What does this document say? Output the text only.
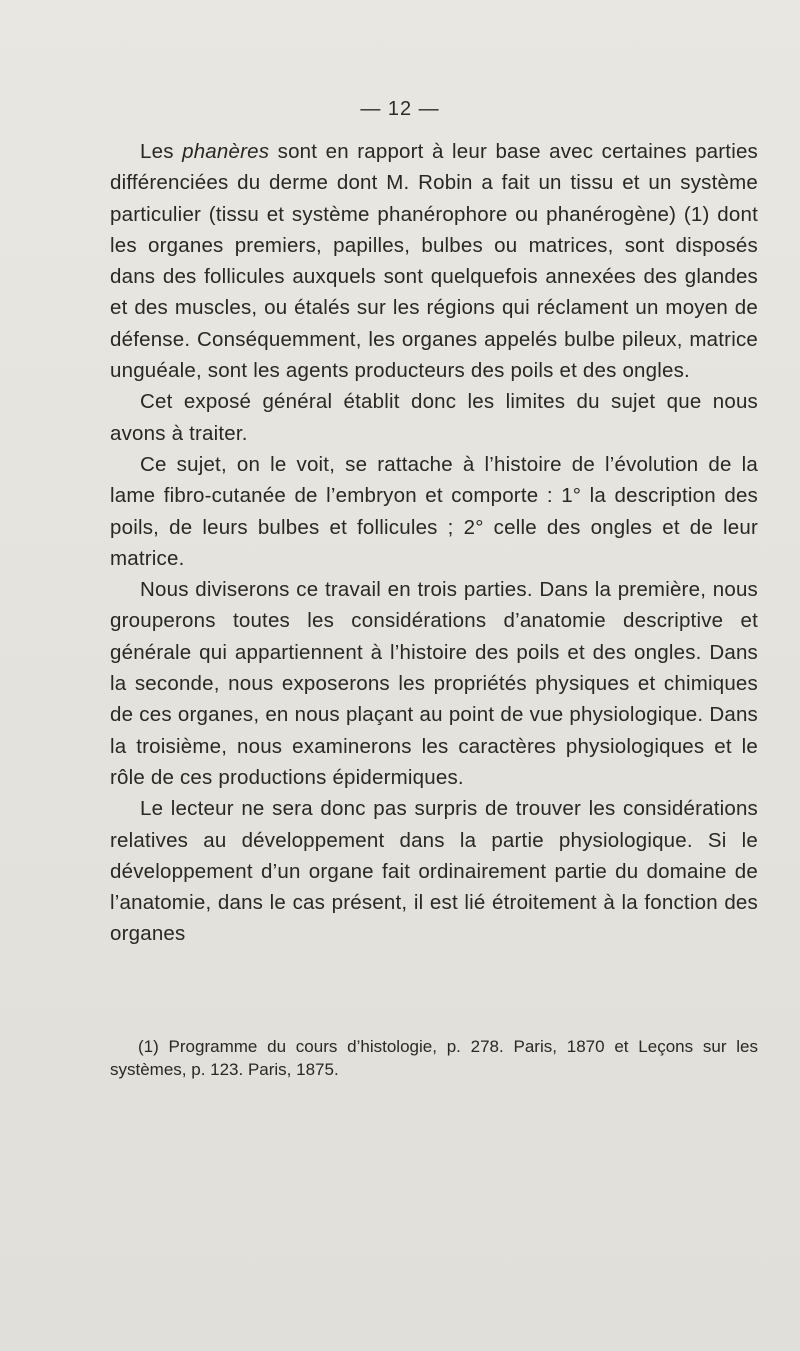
— 12 —

Les phanères sont en rapport à leur base avec certaines parties différenciées du derme dont M. Robin a fait un tissu et un système particulier (tissu et système phanérophore ou phanérogène) (1) dont les organes premiers, papilles, bulbes ou matrices, sont disposés dans des follicules auxquels sont quelquefois annexées des glandes et des muscles, ou étalés sur les régions qui réclament un moyen de défense. Conséquemment, les organes appelés bulbe pileux, matrice unguéale, sont les agents producteurs des poils et des ongles.

Cet exposé général établit donc les limites du sujet que nous avons à traiter.

Ce sujet, on le voit, se rattache à l’histoire de l’évolution de la lame fibro-cutanée de l’embryon et comporte : 1° la description des poils, de leurs bulbes et follicules ; 2° celle des ongles et de leur matrice.

Nous diviserons ce travail en trois parties. Dans la première, nous grouperons toutes les considérations d’anatomie descriptive et générale qui appartiennent à l’histoire des poils et des ongles. Dans la seconde, nous exposerons les propriétés physiques et chimiques de ces organes, en nous plaçant au point de vue physiologique. Dans la troisième, nous examinerons les caractères physiologiques et le rôle de ces productions épidermiques.

Le lecteur ne sera donc pas surpris de trouver les considérations relatives au développement dans la partie physiologique. Si le développement d’un organe fait ordinairement partie du domaine de l’anatomie, dans le cas présent, il est lié étroitement à la fonction des organes

(1) Programme du cours d’histologie, p. 278. Paris, 1870 et Leçons sur les systèmes, p. 123. Paris, 1875.
